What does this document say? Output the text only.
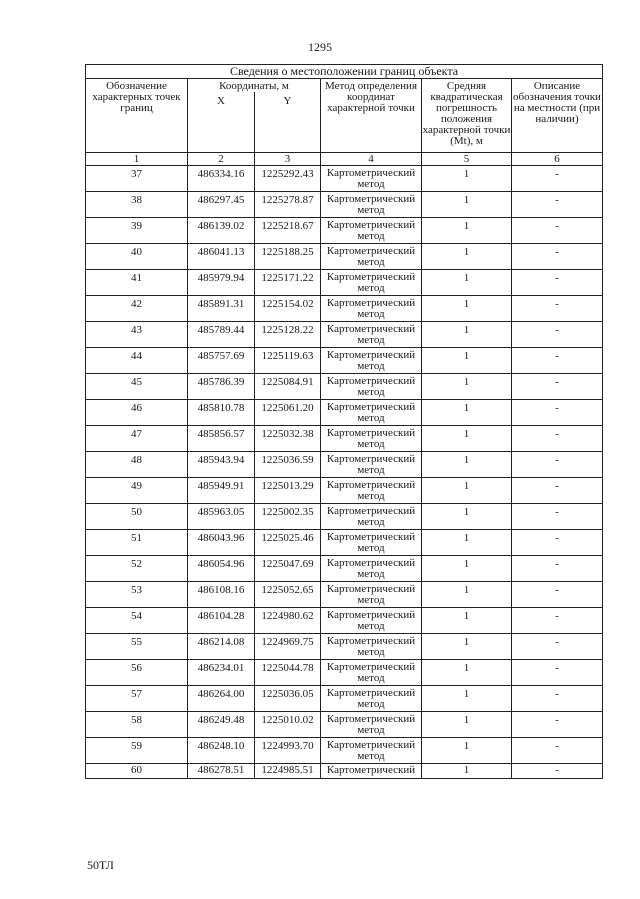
1295
Сведения о местоположении границ объекта					
Обозначение характерных точек границ	Координаты, м		Метод определения координат характерной точки	Средняя квадратическая погрешность положения характерной точки (Mt), м	Описание обозначения точки на местности (при наличии)
	X	Y			
1	2	3	4	5	6
37	486334.16	1225292.43	Картометрический метод	1	-
38	486297.45	1225278.87	Картометрический метод	1	-
39	486139.02	1225218.67	Картометрический метод	1	-
40	486041.13	1225188.25	Картометрический метод	1	-
41	485979.94	1225171.22	Картометрический метод	1	-
42	485891.31	1225154.02	Картометрический метод	1	-
43	485789.44	1225128.22	Картометрический метод	1	-
44	485757.69	1225119.63	Картометрический метод	1	-
45	485786.39	1225084.91	Картометрический метод	1	-
46	485810.78	1225061.20	Картометрический метод	1	-
47	485856.57	1225032.38	Картометрический метод	1	-
48	485943.94	1225036.59	Картометрический метод	1	-
49	485949.91	1225013.29	Картометрический метод	1	-
50	485963.05	1225002.35	Картометрический метод	1	-
51	486043.96	1225025.46	Картометрический метод	1	-
52	486054.96	1225047.69	Картометрический метод	1	-
53	486108.16	1225052.65	Картометрический метод	1	-
54	486104.28	1224980.62	Картометрический метод	1	-
55	486214.08	1224969.75	Картометрический метод	1	-
56	486234.01	1225044.78	Картометрический метод	1	-
57	486264.00	1225036.05	Картометрический метод	1	-
58	486249.48	1225010.02	Картометрический метод	1	-
59	486248.10	1224993.70	Картометрический метод	1	-
60	486278.51	1224985.51	Картометрический	1	-
50ТЛ
